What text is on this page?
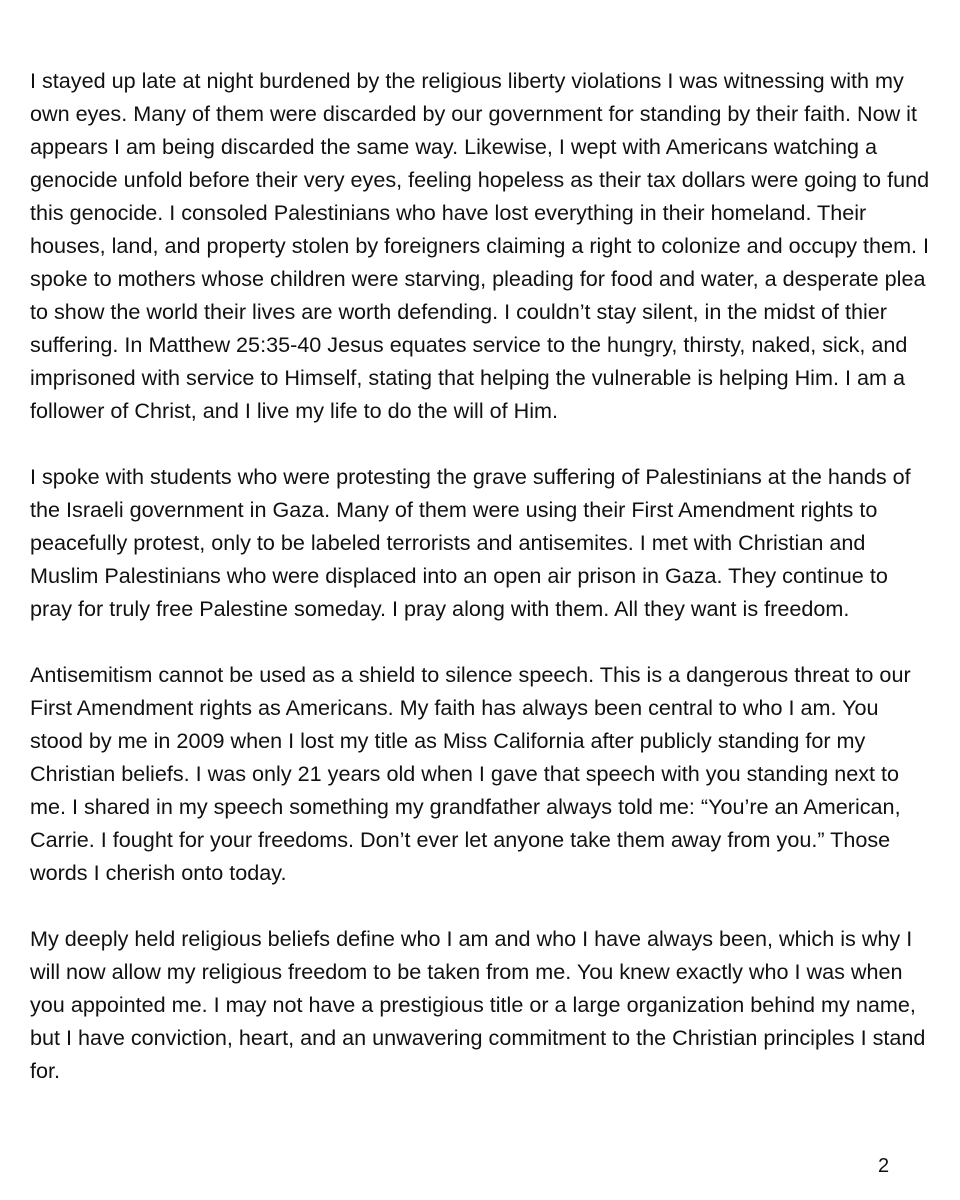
I stayed up late at night burdened by the religious liberty violations I was witnessing with my own eyes. Many of them were discarded by our government for standing by their faith. Now it appears I am being discarded the same way. Likewise, I wept with Americans watching a genocide unfold before their very eyes, feeling hopeless as their tax dollars were going to fund this genocide. I consoled Palestinians who have lost everything in their homeland. Their houses, land, and property stolen by foreigners claiming a right to colonize and occupy them. I spoke to mothers whose children were starving, pleading for food and water, a desperate plea to show the world their lives are worth defending. I couldn’t stay silent, in the midst of thier suffering. In Matthew 25:35-40 Jesus equates service to the hungry, thirsty, naked, sick, and imprisoned with service to Himself, stating that helping the vulnerable is helping Him. I am a follower of Christ, and I live my life to do the will of Him.

I spoke with students who were protesting the grave suffering of Palestinians at the hands of the Israeli government in Gaza. Many of them were using their First Amendment rights to peacefully protest, only to be labeled terrorists and antisemites. I met with Christian and Muslim Palestinians who were displaced into an open air prison in Gaza. They continue to pray for truly free Palestine someday. I pray along with them. All they want is freedom.

Antisemitism cannot be used as a shield to silence speech. This is a dangerous threat to our First Amendment rights as Americans. My faith has always been central to who I am. You stood by me in 2009 when I lost my title as Miss California after publicly standing for my Christian beliefs. I was only 21 years old when I gave that speech with you standing next to me. I shared in my speech something my grandfather always told me: “You’re an American, Carrie. I fought for your freedoms. Don’t ever let anyone take them away from you.” Those words I cherish onto today.

My deeply held religious beliefs define who I am and who I have always been, which is why I will now allow my religious freedom to be taken from me. You knew exactly who I was when you appointed me. I may not have a prestigious title or a large organization behind my name, but I have conviction, heart, and an unwavering commitment to the Christian principles I stand for.

2
